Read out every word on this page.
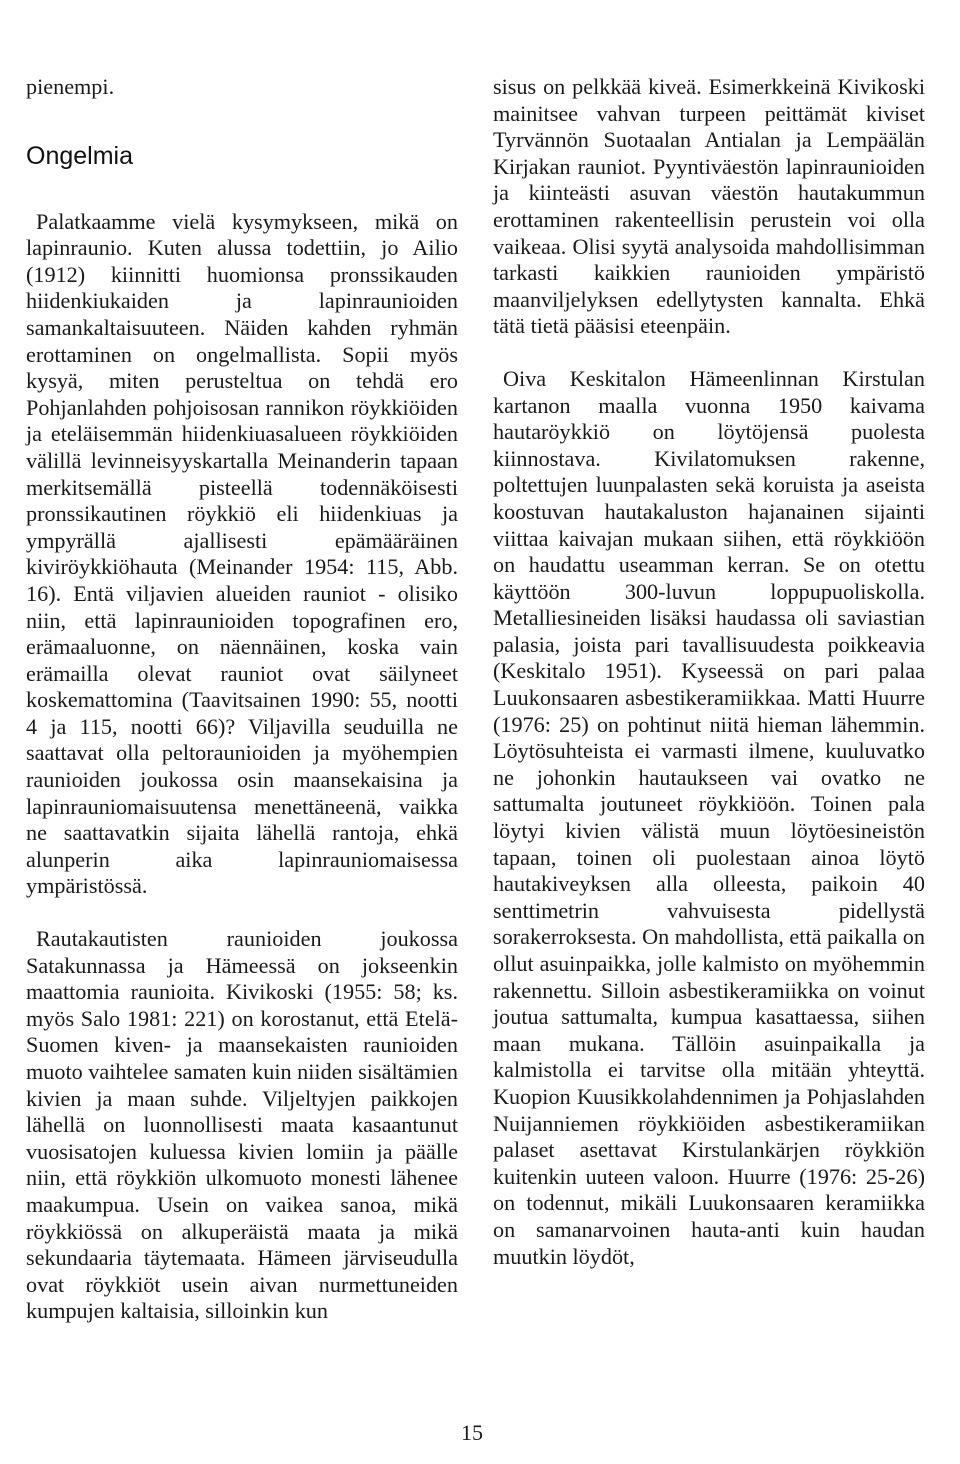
pienempi.

Ongelmia

Palatkaamme vielä kysymykseen, mikä on lapinraunio. Kuten alussa todettiin, jo Ailio (1912) kiinnitti huomionsa pronssikauden hiidenkiukaiden ja lapinraunioiden samankaltaisuuteen. Näiden kahden ryhmän erottaminen on ongelmallista. Sopii myös kysyä, miten perusteltua on tehdä ero Pohjanlahden pohjoisosan rannikon röykkiöiden ja eteläisemmän hiidenkiuasalueen röykkiöiden välillä levinneisyyskartalla Meinanderin tapaan merkitsemällä pisteellä todennäköisesti pronssikautinen röykkiö eli hiidenkiuas ja ympyrällä ajallisesti epämääräinen kiviröykkiöhauta (Meinander 1954: 115, Abb. 16). Entä viljavien alueiden rauniot - olisiko niin, että lapinraunioiden topografinen ero, erämaaluonne, on näennäinen, koska vain erämailla olevat rauniot ovat säilyneet koskemattomina (Taavitsainen 1990: 55, nootti 4 ja 115, nootti 66)? Viljavilla seuduilla ne saattavat olla peltoraunioiden ja myöhempien raunioiden joukossa osin maansekaisina ja lapinrauniomaisuutensa menettäneenä, vaikka ne saattavatkin sijaita lähellä rantoja, ehkä alunperin aika lapinrauniomaisessa ympäristössä.

Rautakautisten raunioiden joukossa Satakunnassa ja Hämeessä on jokseenkin maattomia raunioita. Kivikoski (1955: 58; ks. myös Salo 1981: 221) on korostanut, että Etelä-Suomen kiven- ja maansekaisten raunioiden muoto vaihtelee samaten kuin niiden sisältämien kivien ja maan suhde. Viljeltyjen paikkojen lähellä on luonnollisesti maata kasaantunut vuosisatojen kuluessa kivien lomiin ja päälle niin, että röykkiön ulkomuoto monesti lähenee maakumpua. Usein on vaikea sanoa, mikä röykkiössä on alkuperäistä maata ja mikä sekundaaria täytemaata. Hämeen järviseudulla ovat röykkiöt usein aivan nurmettuneiden kumpujen kaltaisia, silloinkin kun

sisus on pelkkää kiveä. Esimerkkeinä Kivikoski mainitsee vahvan turpeen peittämät kiviset Tyrvännön Suotaalan Antialan ja Lempäälän Kirjakan rauniot. Pyyntiväestön lapinraunioiden ja kiinteästi asuvan väestön hautakummun erottaminen rakenteellisin perustein voi olla vaikeaa. Olisi syytä analysoida mahdollisimman tarkasti kaikkien raunioiden ympäristö maanviljelyksen edellytysten kannalta. Ehkä tätä tietä pääsisi eteenpäin.

Oiva Keskitalon Hämeenlinnan Kirstulan kartanon maalla vuonna 1950 kaivama hautaröykkiö on löytöjensä puolesta kiinnostava. Kivilatomuksen rakenne, poltettujen luunpalasten sekä koruista ja aseista koostuvan hautakaluston hajanainen sijainti viittaa kaivajan mukaan siihen, että röykkiöön on haudattu useamman kerran. Se on otettu käyttöön 300-luvun loppupuoliskolla. Metalliesineiden lisäksi haudassa oli saviastian palasia, joista pari tavallisuudesta poikkeavia (Keskitalo 1951). Kyseessä on pari palaa Luukonsaaren asbestikeramiikkaa. Matti Huurre (1976: 25) on pohtinut niitä hieman lähemmin. Löytösuhteista ei varmasti ilmene, kuuluvatko ne johonkin hautaukseen vai ovatko ne sattumalta joutuneet röykkiöön. Toinen pala löytyi kivien välistä muun löytöesineistön tapaan, toinen oli puolestaan ainoa löytö hautakiveyksen alla olleesta, paikoin 40 senttimetrin vahvuisesta pidellystä sorakerroksesta. On mahdollista, että paikalla on ollut asuinpaikka, jolle kalmisto on myöhemmin rakennettu. Silloin asbestikeramiikka on voinut joutua sattumalta, kumpua kasattaessa, siihen maan mukana. Tällöin asuinpaikalla ja kalmistolla ei tarvitse olla mitään yhteyttä. Kuopion Kuusikkolahdennimen ja Pohjaslahden Nuijanniemen röykkiöiden asbestikeramiikan palaset asettavat Kirstulankärjen röykkiön kuitenkin uuteen valoon. Huurre (1976: 25-26) on todennut, mikäli Luukonsaaren keramiikka on samanarvoinen hauta-anti kuin haudan muutkin löydöt,

15
